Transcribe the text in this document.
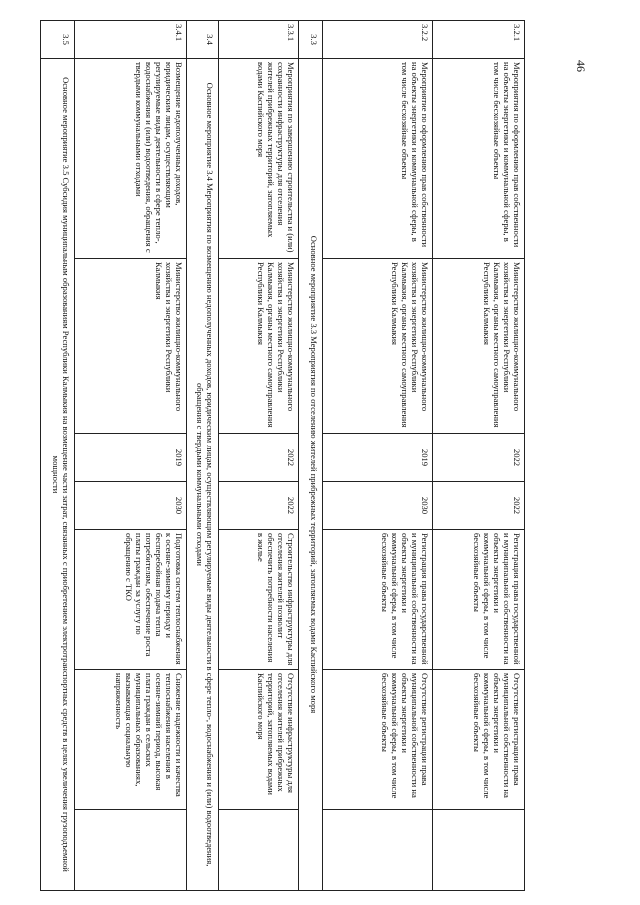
46
3.2.1	Мероприятия по оформлению прав собственности на объекты энергетики и коммунальной сферы, в том числе бесхозяйные объекты	Министерство жилищно-коммунального хозяйства и энергетики Республики Калмыкия, органы местного самоуправления Республики Калмыкия	2022	2022	Регистрация права государственной и муниципальной собственности на объекты энергетики и коммунальной сферы, в том числе бесхозяйные объекты	Отсутствие регистрации права муниципальной собственности на объекты энергетики и коммунальной сферы, в том числе бесхозяйные объекты	
3.2.2	Мероприятие по оформлению прав собственности на объекты энергетики и коммунальной сферы, в том числе бесхозяйные объекты	Министерство жилищно-коммунального хозяйства и энергетики Республики Калмыкия, органы местного самоуправления Республики Калмыкия	2019	2030	Регистрация права государственной и муниципальной собственности на объекты энергетики и коммунальной сферы, в том числе бесхозяйные объекты	Отсутствие регистрации права муниципальной собственности на объекты энергетики и коммунальной сферы, в том числе бесхозяйные объекты	
3.3	Основное мероприятие 3.3 Мероприятия по отселению жителей прибрежных территорий, затопляемых водами Каспийского моря						
3.3.1	Мероприятия по завершению строительства и (или) сохранности инфраструктуры для отселения жителей прибрежных территорий, затопляемых водами Каспийского моря	Министерство жилищно-коммунального хозяйства и энергетики Республики Калмыкия, органы местного самоуправления Республики Калмыкия	2022	2022	Строительство инфраструктуры для отселения жителей позволит обеспечить потребности населения в жилье	Отсутствие инфраструктуры для отселения жителей прибрежных территорий, затопляемых водами Каспийского моря	
3.4	Основное мероприятие 3.4 Мероприятия по возмещению недополученных доходов, юридическим лицам, осуществляющим регулируемые виды деятельности в сфере тепло-, водоснабжения и (или) водоотведения, обращения с твердыми коммунальными отходами						
3.4.1	Возмещение недополученных доходов, юридическим лицам, осуществляющим регулируемые виды деятельности в сфере тепло-, водоснабжения и (или) водоотведения, обращения с твердыми коммунальными отходами	Министерство жилищно-коммунального хозяйства и энергетики Республики Калмыкия	2019	2030	Подготовка систем теплоснабжения к осенне-зимнему периоду и бесперебойная подача тепла потребителям, обеспечение роста платы граждан за услугу по обращению с ТКО	Снижение надежности и качества теплоснабжения населения в осенне-зимний период, высокая плата граждан в сельских муниципальных образованиях, вызывающая социальную напряженность	
3.5	Основное мероприятие 3.5 Субсидия муниципальным образованиям Республики Калмыкия на возмещение части затрат, связанных с приобретением электротранспортных средств в целях увеличения грузоподъемной мощности						
